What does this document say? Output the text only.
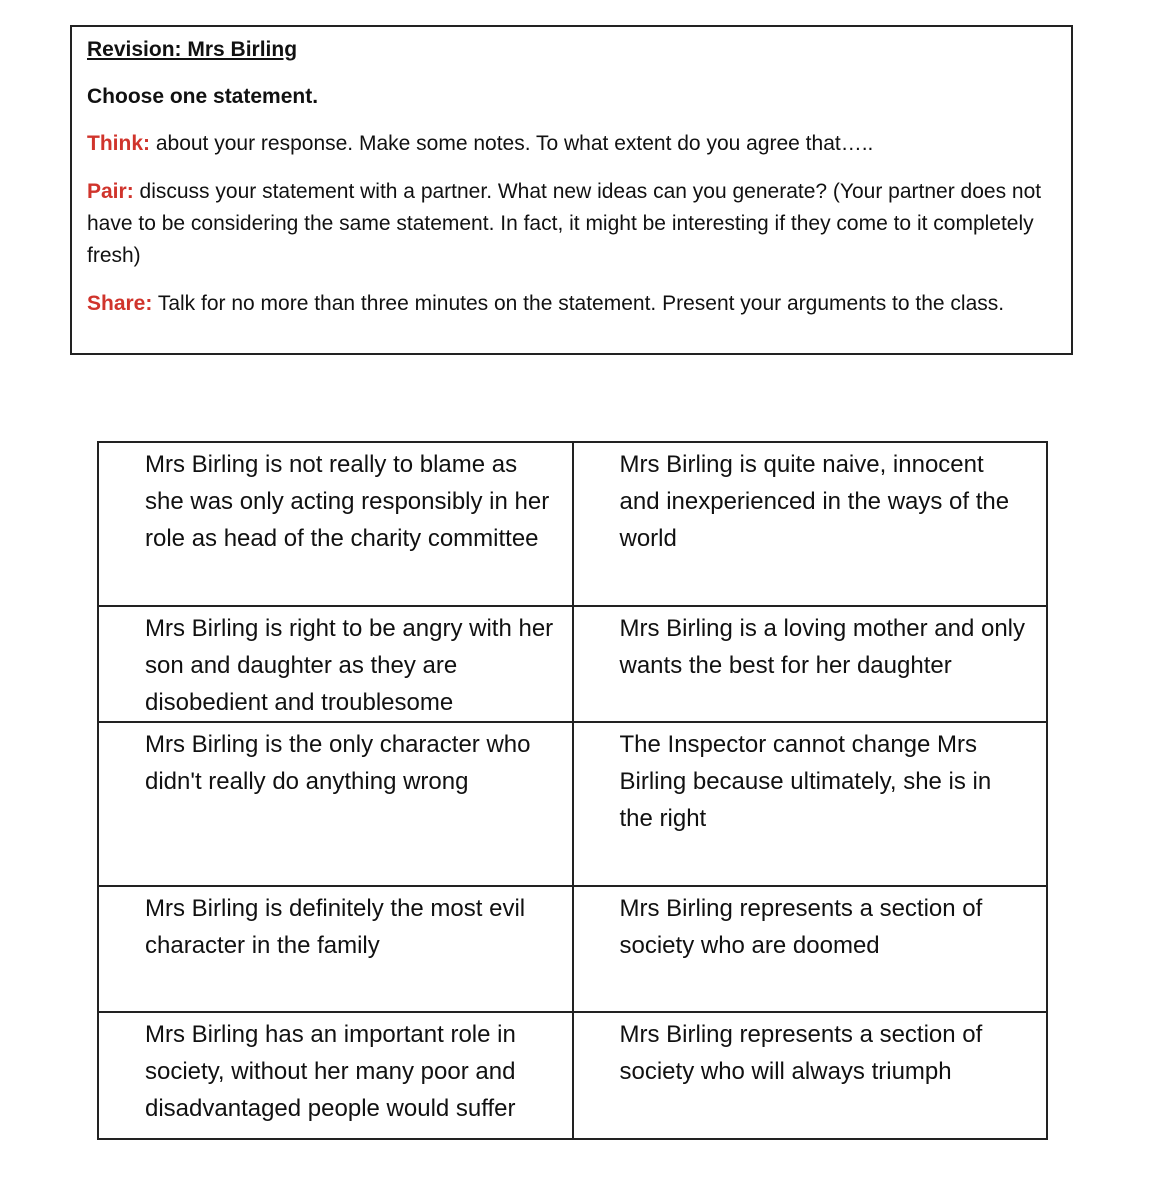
Revision: Mrs Birling

Choose one statement.

Think: about your response. Make some notes. To what extent do you agree that…..

Pair: discuss your statement with a partner. What new ideas can you generate? (Your partner does not have to be considering the same statement. In fact, it might be interesting if they come to it completely fresh)

Share: Talk for no more than three minutes on the statement. Present your arguments to the class.

Mrs Birling is not really to blame as she was only acting responsibly in her role as head of the charity committee	Mrs Birling is quite naive, innocent and inexperienced in the ways of the world
Mrs Birling is right to be angry with her son and daughter as they are disobedient and troublesome	Mrs Birling is a loving mother and only wants the best for her daughter
Mrs Birling is the only character who didn't really do anything wrong	The Inspector cannot change Mrs Birling because ultimately, she is in the right
Mrs Birling is definitely the most evil character in the family	Mrs Birling represents a section of society who are doomed
Mrs Birling has an important role in society, without her many poor and disadvantaged people would suffer	Mrs Birling represents a section of society who will always triumph
